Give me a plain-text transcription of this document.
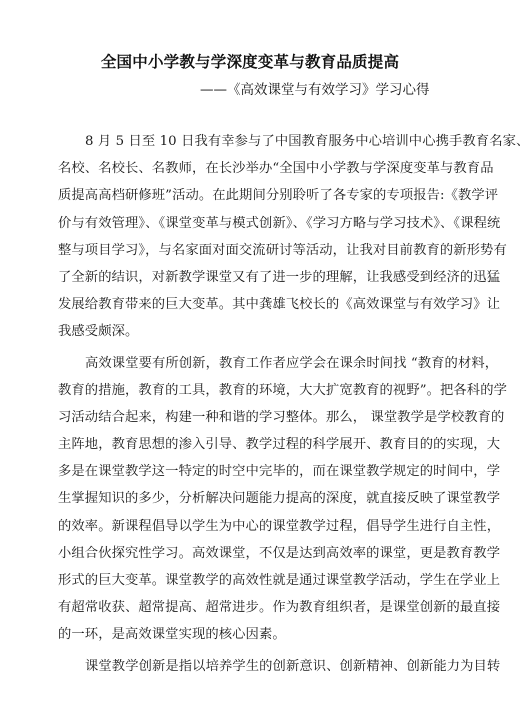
全国中小学教与学深度变革与教育品质提高
——《高效课堂与有效学习》学习心得
8 月 5 日至 10 日我有幸参与了中国教育服务中心培训中心携手教育名家、
名校、名校长、名教师，在长沙举办“全国中小学教与学深度变革与教育品
质提高高档研修班”活动。在此期间分别聆听了各专家的专项报告:《教学评
价与有效管理》、《课堂变革与模式创新》、《学习方略与学习技术》、《课程统
整与项目学习》，与名家面对面交流研讨等活动，让我对目前教育的新形势有
了全新的结识，对新教学课堂又有了进一步的理解，让我感受到经济的迅猛
发展给教育带来的巨大变革。其中龚雄飞校长的《高效课堂与有效学习》让
我感受颇深。
高效课堂要有所创新，教育工作者应学会在课余时间找 “教育的材料，
教育的措施，教育的工具，教育的环境，大大扩宽教育的视野”。把各科的学
习活动结合起来，构建一种和谐的学习整体。那么， 课堂教学是学校教育的
主阵地，教育思想的渗入引导、教学过程的科学展开、教育目的的实现，大
多是在课堂教学这一特定的时空中完毕的，而在课堂教学规定的时间中，学
生掌握知识的多少，分析解决问题能力提高的深度，就直接反映了课堂教学
的效率。新课程倡导以学生为中心的课堂教学过程，倡导学生进行自主性，
小组合伙探究性学习。高效课堂，不仅是达到高效率的课堂，更是教育教学
形式的巨大变革。课堂教学的高效性就是通过课堂教学活动，学生在学业上
有超常收获、超常提高、超常进步。作为教育组织者，是课堂创新的最直接
的一环，是高效课堂实现的核心因素。
课堂教学创新是指以培养学生的创新意识、创新精神、创新能力为目转
